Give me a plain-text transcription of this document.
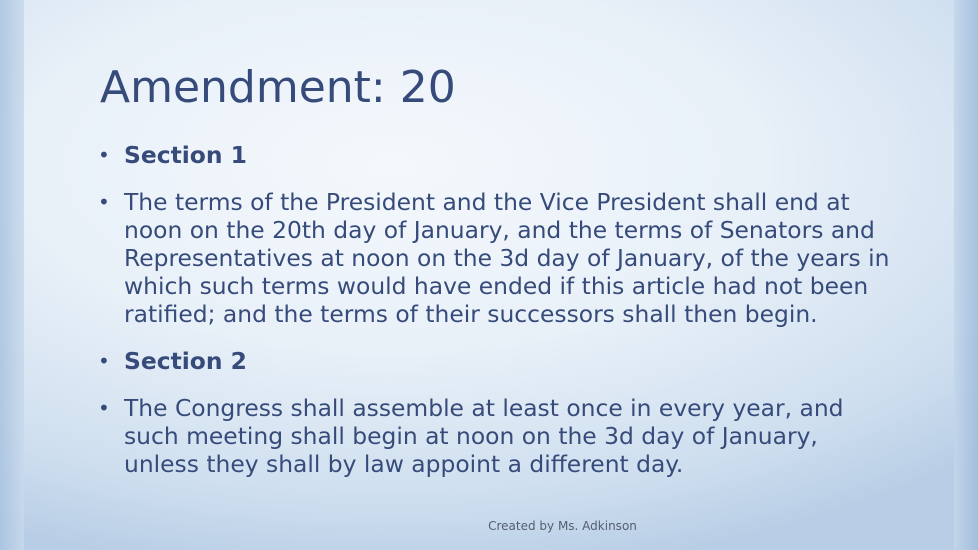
Amendment: 20
• Section 1
• The terms of the President and the Vice President shall end at noon on the 20th day of January, and the terms of Senators and Representatives at noon on the 3d day of January, of the years in which such terms would have ended if this article had not been ratified; and the terms of their successors shall then begin.
• Section 2
• The Congress shall assemble at least once in every year, and such meeting shall begin at noon on the 3d day of January, unless they shall by law appoint a different day.
Created by Ms. Adkinson
